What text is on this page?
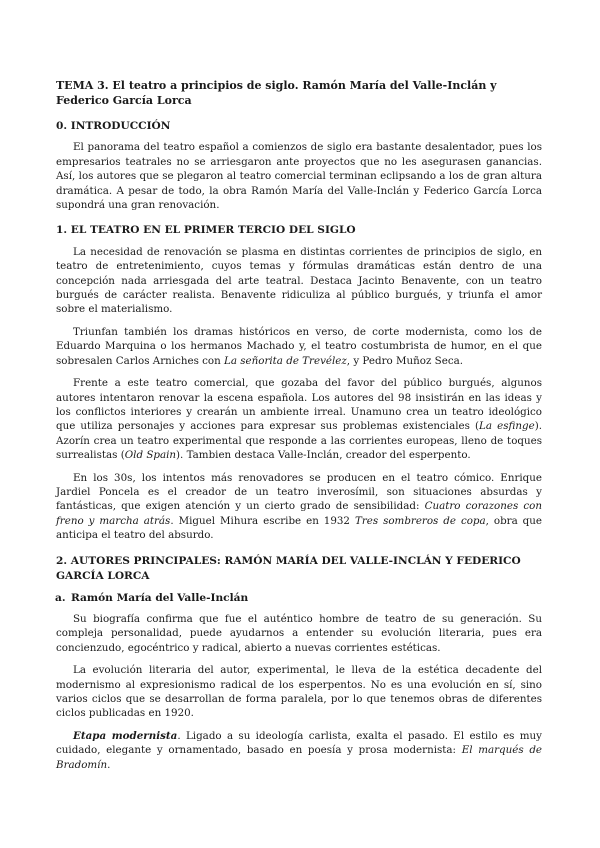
TEMA 3. El teatro a principios de siglo. Ramón María del Valle-Inclán y Federico García Lorca
0. INTRODUCCIÓN

El panorama del teatro español a comienzos de siglo era bastante desalentador, pues los empresarios teatrales no se arriesgaron ante proyectos que no les asegurasen ganancias. Así, los autores que se plegaron al teatro comercial terminan eclipsando a los de gran altura dramática. A pesar de todo, la obra Ramón María del Valle-Inclán y Federico García Lorca supondrá una gran renovación.

1. EL TEATRO EN EL PRIMER TERCIO DEL SIGLO

La necesidad de renovación se plasma en distintas corrientes de principios de siglo, en teatro de entretenimiento, cuyos temas y fórmulas dramáticas están dentro de una concepción nada arriesgada del arte teatral. Destaca Jacinto Benavente, con un teatro burgués de carácter realista. Benavente ridiculiza al público burgués, y triunfa el amor sobre el materialismo.

Triunfan también los dramas históricos en verso, de corte modernista, como los de Eduardo Marquina o los hermanos Machado y, el teatro costumbrista de humor, en el que sobresalen Carlos Arniches con La señorita de Trevélez, y Pedro Muñoz Seca.

Frente a este teatro comercial, que gozaba del favor del público burgués, algunos autores intentaron renovar la escena española. Los autores del 98 insistirán en las ideas y los conflictos interiores y crearán un ambiente irreal. Unamuno crea un teatro ideológico que utiliza personajes y acciones para expresar sus problemas existenciales (La esfinge). Azorín crea un teatro experimental que responde a las corrientes europeas, lleno de toques surrealistas (Old Spain). Tambien destaca Valle-Inclán, creador del esperpento.

En los 30s, los intentos más renovadores se producen en el teatro cómico. Enrique Jardiel Poncela es el creador de un teatro inverosímil, son situaciones absurdas y fantásticas, que exigen atención y un cierto grado de sensibilidad: Cuatro corazones con freno y marcha atrás. Miguel Mihura escribe en 1932 Tres sombreros de copa, obra que anticipa el teatro del absurdo.

2. AUTORES PRINCIPALES: RAMÓN MARÍA DEL VALLE-INCLÁN Y FEDERICO GARCÍA LORCA
a. Ramón María del Valle-Inclán

Su biografía confirma que fue el auténtico hombre de teatro de su generación. Su compleja personalidad, puede ayudarnos a entender su evolución literaria, pues era concienzudo, egocéntrico y radical, abierto a nuevas corrientes estéticas.

La evolución literaria del autor, experimental, le lleva de la estética decadente del modernismo al expresionismo radical de los esperpentos. No es una evolución en sí, sino varios ciclos que se desarrollan de forma paralela, por lo que tenemos obras de diferentes ciclos publicadas en 1920.

Etapa modernista. Ligado a su ideología carlista, exalta el pasado. El estilo es muy cuidado, elegante y ornamentado, basado en poesía y prosa modernista: El marqués de Bradomín.
